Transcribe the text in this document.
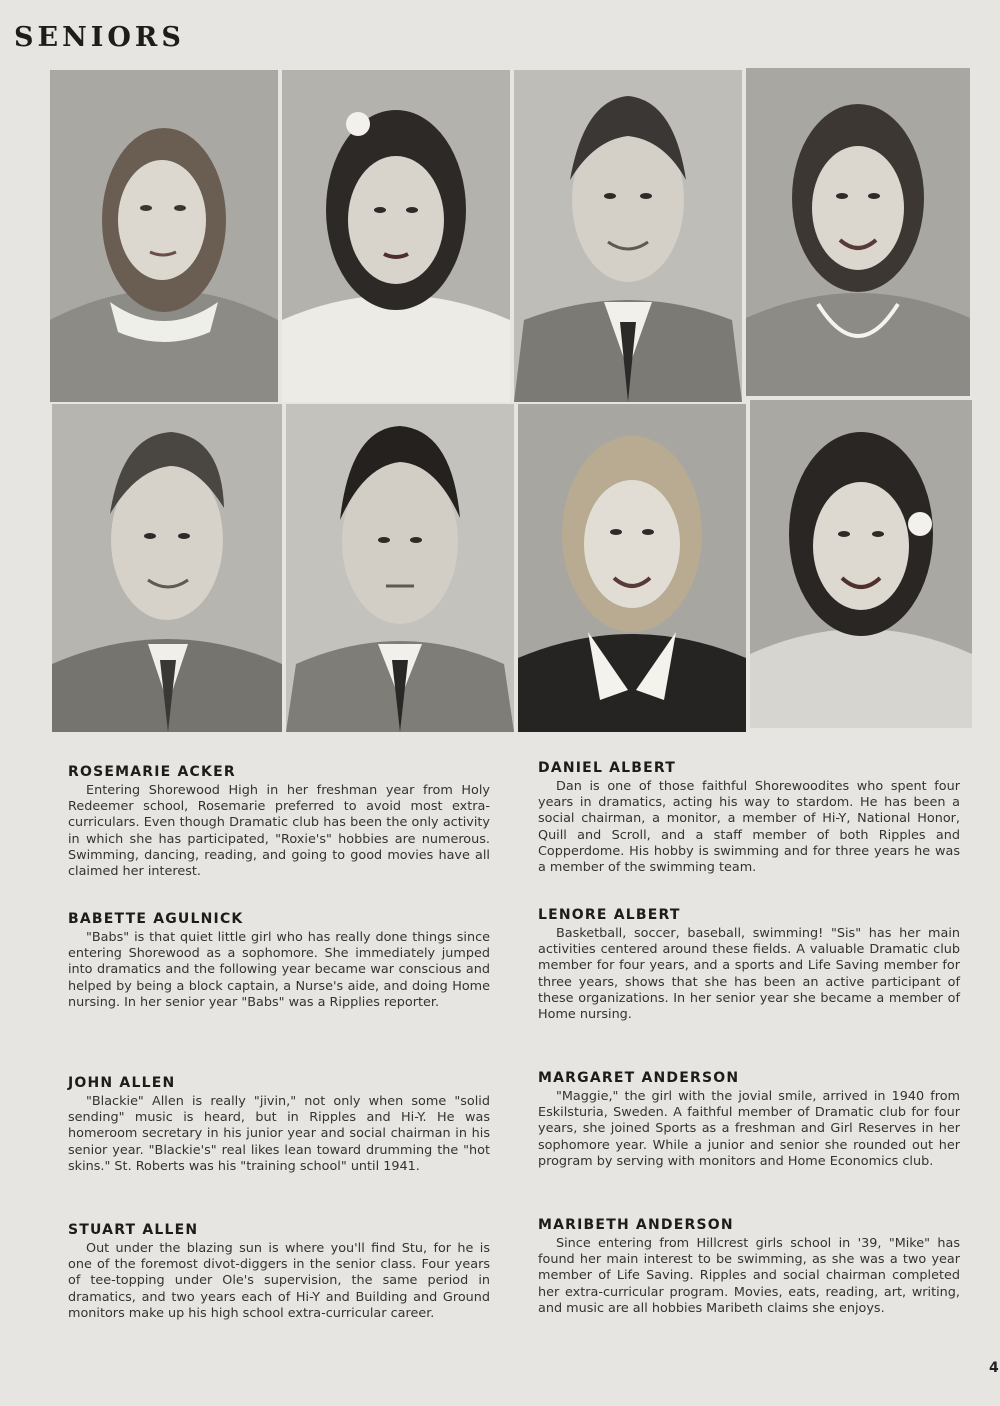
SENIORS
ROSEMARIE ACKER

Entering Shorewood High in her freshman year from Holy Redeemer school, Rosemarie preferred to avoid most extra-curriculars. Even though Dramatic club has been the only activity in which she has participated, "Roxie's" hobbies are numerous. Swimming, dancing, reading, and going to good movies have all claimed her interest.

BABETTE AGULNICK

"Babs" is that quiet little girl who has really done things since entering Shorewood as a sophomore. She immediately jumped into dramatics and the following year became war conscious and helped by being a block captain, a Nurse's aide, and doing Home nursing. In her senior year "Babs" was a Ripplies reporter.

JOHN ALLEN

"Blackie" Allen is really "jivin," not only when some "solid sending" music is heard, but in Ripples and Hi-Y. He was homeroom secretary in his junior year and social chairman in his senior year. "Blackie's" real likes lean toward drumming the "hot skins." St. Roberts was his "training school" until 1941.

STUART ALLEN

Out under the blazing sun is where you'll find Stu, for he is one of the foremost divot-diggers in the senior class. Four years of tee-topping under Ole's supervision, the same period in dramatics, and two years each of Hi-Y and Building and Ground monitors make up his high school extra-curricular career.

DANIEL ALBERT

Dan is one of those faithful Shorewoodites who spent four years in dramatics, acting his way to stardom. He has been a social chairman, a monitor, a member of Hi-Y, National Honor, Quill and Scroll, and a staff member of both Ripples and Copperdome. His hobby is swimming and for three years he was a member of the swimming team.

LENORE ALBERT

Basketball, soccer, baseball, swimming! "Sis" has her main activities centered around these fields. A valuable Dramatic club member for four years, and a sports and Life Saving member for three years, shows that she has been an active participant of these organizations. In her senior year she became a member of Home nursing.

MARGARET ANDERSON

"Maggie," the girl with the jovial smile, arrived in 1940 from Eskilsturia, Sweden. A faithful member of Dramatic club for four years, she joined Sports as a freshman and Girl Reserves in her sophomore year. While a junior and senior she rounded out her program by serving with monitors and Home Economics club.

MARIBETH ANDERSON

Since entering from Hillcrest girls school in '39, "Mike" has found her main interest to be swimming, as she was a two year member of Life Saving. Ripples and social chairman completed her extra-curricular program. Movies, eats, reading, art, writing, and music are all hobbies Maribeth claims she enjoys.

4
